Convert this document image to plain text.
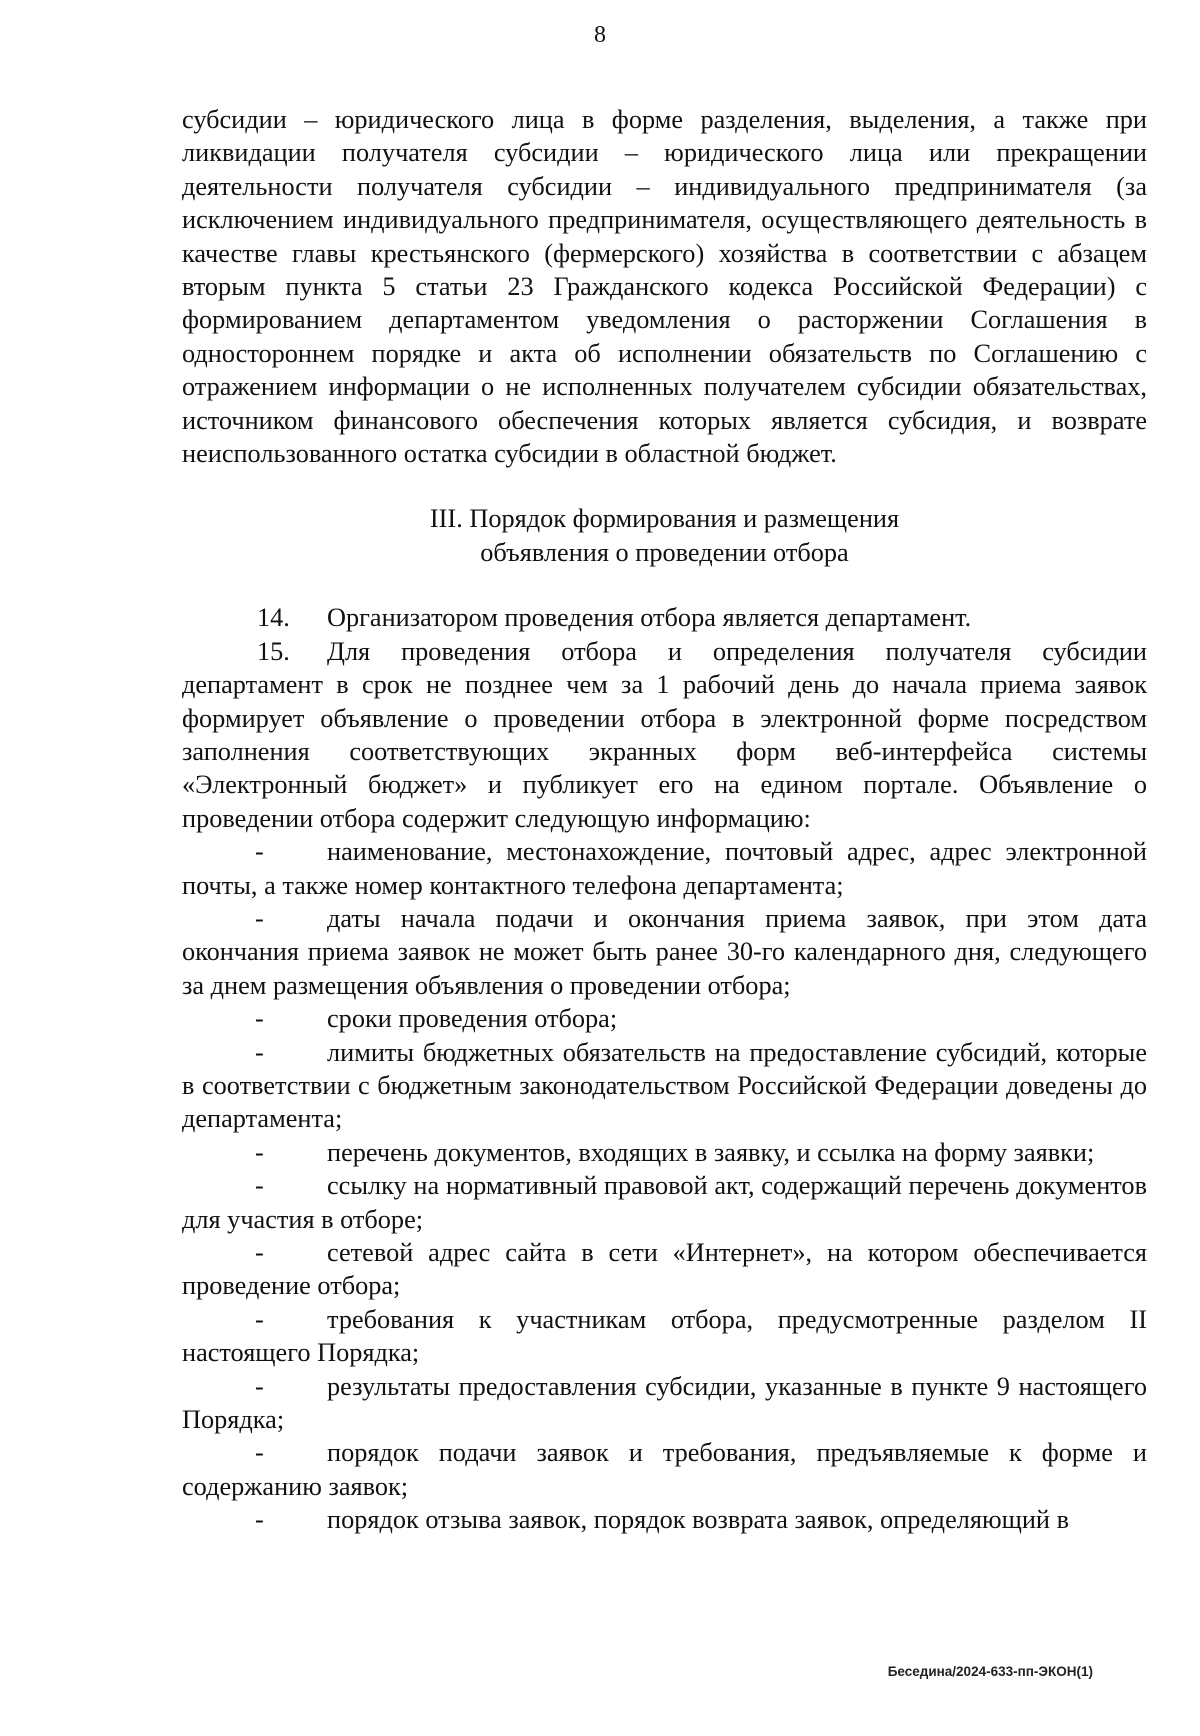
8

субсидии – юридического лица в форме разделения, выделения, а также при ликвидации получателя субсидии – юридического лица или прекращении деятельности получателя субсидии – индивидуального предпринимателя (за исключением индивидуального предпринимателя, осуществляющего деятельность в качестве главы крестьянского (фермерского) хозяйства в соответствии с абзацем вторым пункта 5 статьи 23 Гражданского кодекса Российской Федерации) с формированием департаментом уведомления о расторжении Соглашения в одностороннем порядке и акта об исполнении обязательств по Соглашению с отражением информации о не исполненных получателем субсидии обязательствах, источником финансового обеспечения которых является субсидия, и возврате неиспользованного остатка субсидии в областной бюджет.

III. Порядок формирования и размещения
объявления о проведении отбора

14. Организатором проведения отбора является департамент.

15. Для проведения отбора и определения получателя субсидии департамент в срок не позднее чем за 1 рабочий день до начала приема заявок формирует объявление о проведении отбора в электронной форме посредством заполнения соответствующих экранных форм веб-интерфейса системы «Электронный бюджет» и публикует его на едином портале. Объявление о проведении отбора содержит следующую информацию:

- наименование, местонахождение, почтовый адрес, адрес электронной почты, а также номер контактного телефона департамента;

- даты начала подачи и окончания приема заявок, при этом дата окончания приема заявок не может быть ранее 30-го календарного дня, следующего за днем размещения объявления о проведении отбора;

- сроки проведения отбора;

- лимиты бюджетных обязательств на предоставление субсидий, которые в соответствии с бюджетным законодательством Российской Федерации доведены до департамента;

- перечень документов, входящих в заявку, и ссылка на форму заявки;

- ссылку на нормативный правовой акт, содержащий перечень документов для участия в отборе;

- сетевой адрес сайта в сети «Интернет», на котором обеспечивается проведение отбора;

- требования к участникам отбора, предусмотренные разделом II настоящего Порядка;

- результаты предоставления субсидии, указанные в пункте 9 настоящего Порядка;

- порядок подачи заявок и требования, предъявляемые к форме и содержанию заявок;

- порядок отзыва заявок, порядок возврата заявок, определяющий в

Беседина/2024-633-пп-ЭКОН(1)
